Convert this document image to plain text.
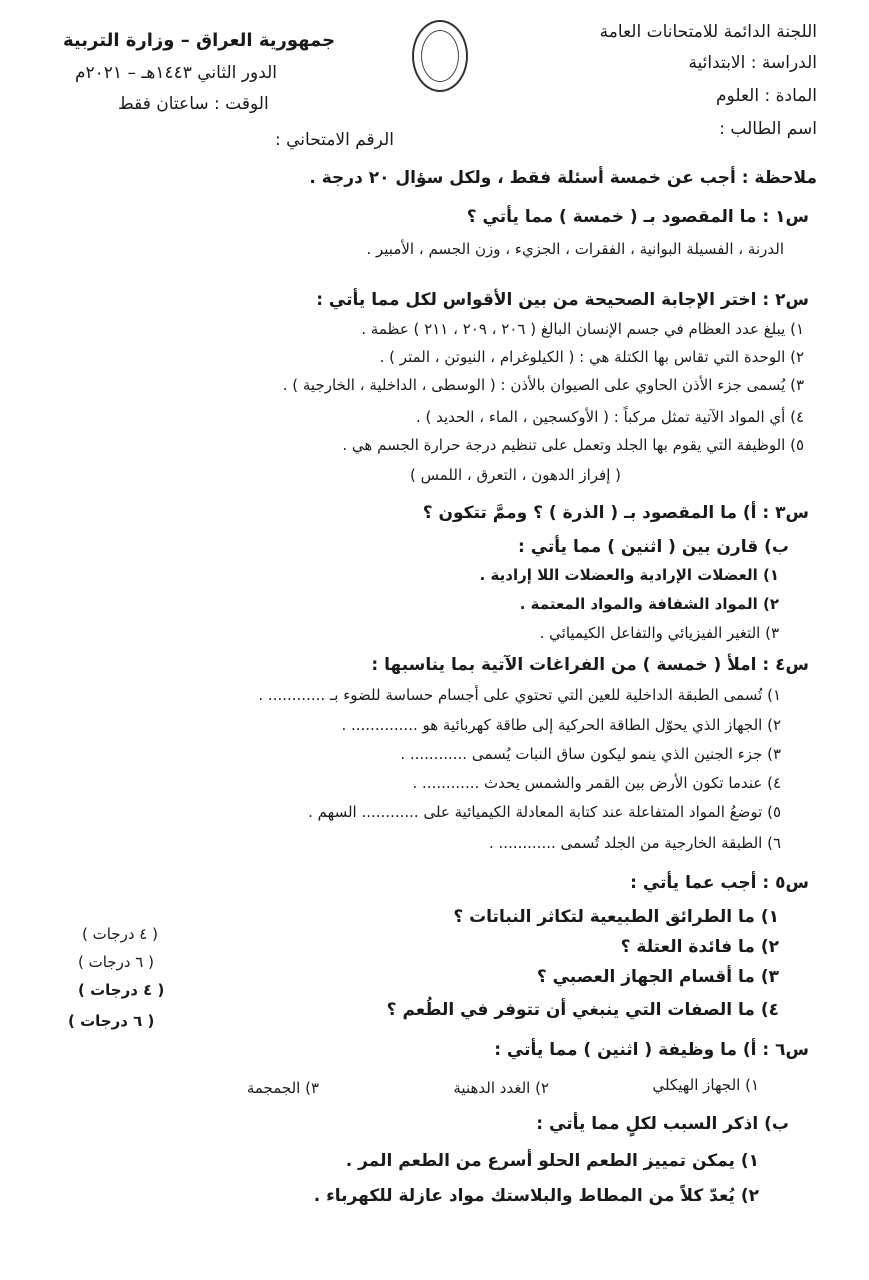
اللجنة الدائمة للامتحانات العامة
الدراسة : الابتدائية
المادة : العلوم
اسم الطالب :
جمهورية العراق – وزارة التربية
الدور الثاني ١٤٤٣هـ – ٢٠٢١م
الوقت : ساعتان فقط
الرقم الامتحاني :
ملاحظة : أجب عن خمسة أسئلة فقط ، ولكل سؤال ٢٠ درجة .
س١ : ما المقصود بـ ( خمسة ) مما يأتي ؟
الدرنة ، الفسيلة البوانية ، الفقرات ، الجزيء ، وزن الجسم ، الأمبير .
س٢ : اختر الإجابة الصحيحة من بين الأقواس لكل مما يأتي :
١) يبلغ عدد العظام في جسم الإنسان البالغ ( ٢٠٦ ، ٢٠٩ ، ٢١١ ) عظمة .
٢) الوحدة التي تقاس بها الكتلة هي : ( الكيلوغرام ، النيوتن ، المتر ) .
٣) يُسمى جزء الأذن الحاوي على الصيوان بالأذن : ( الوسطى ، الداخلية ، الخارجية ) .
٤) أي المواد الآتية تمثل مركباً : ( الأوكسجين ، الماء ، الحديد ) .
٥) الوظيفة التي يقوم بها الجلد وتعمل على تنظيم درجة حرارة الجسم هي .
( إفراز الدهون ، التعرق ، اللمس )
س٣ : أ) ما المقصود بـ ( الذرة ) ؟ وممَّ تتكون ؟
ب) قارن بين ( اثنين ) مما يأتي :
١) العضلات الإرادية والعضلات اللا إرادية .
٢) المواد الشفافة والمواد المعتمة .
٣) التغير الفيزيائي والتفاعل الكيميائي .
س٤ : املأ ( خمسة ) من الفراغات الآتية بما يناسبها :
١) تُسمى الطبقة الداخلية للعين التي تحتوي على أجسام حساسة للضوء بـ ............ .
٢) الجهاز الذي يحوّل الطاقة الحركية إلى طاقة كهربائية هو .............. .
٣) جزء الجنين الذي ينمو ليكون ساق النبات يُسمى ............ .
٤) عندما تكون الأرض بين القمر والشمس يحدث ............ .
٥) توضعُ المواد المتفاعلة عند كتابة المعادلة الكيميائية على ............ السهم .
٦) الطبقة الخارجية من الجلد تُسمى ............ .
س٥ : أجب عما يأتي :
١) ما الطرائق الطبيعية لتكاثر النباتات ؟
٢) ما فائدة العتلة ؟
٣) ما أقسام الجهاز العصبي ؟
٤) ما الصفات التي ينبغي أن تتوفر في الطُعم ؟
( ٤ درجات )
( ٦ درجات )
( ٤ درجات )
( ٦ درجات )
س٦ : أ) ما وظيفة ( اثنين ) مما يأتي :
١) الجهاز الهيكلي
٢) الغدد الدهنية
٣) الجمجمة
ب) اذكر السبب لكلٍ مما يأتي :
١) يمكن تمييز الطعم الحلو أسرع من الطعم المر .
٢) يُعدّ كلاً من المطاط والبلاستك مواد عازلة للكهرباء .
